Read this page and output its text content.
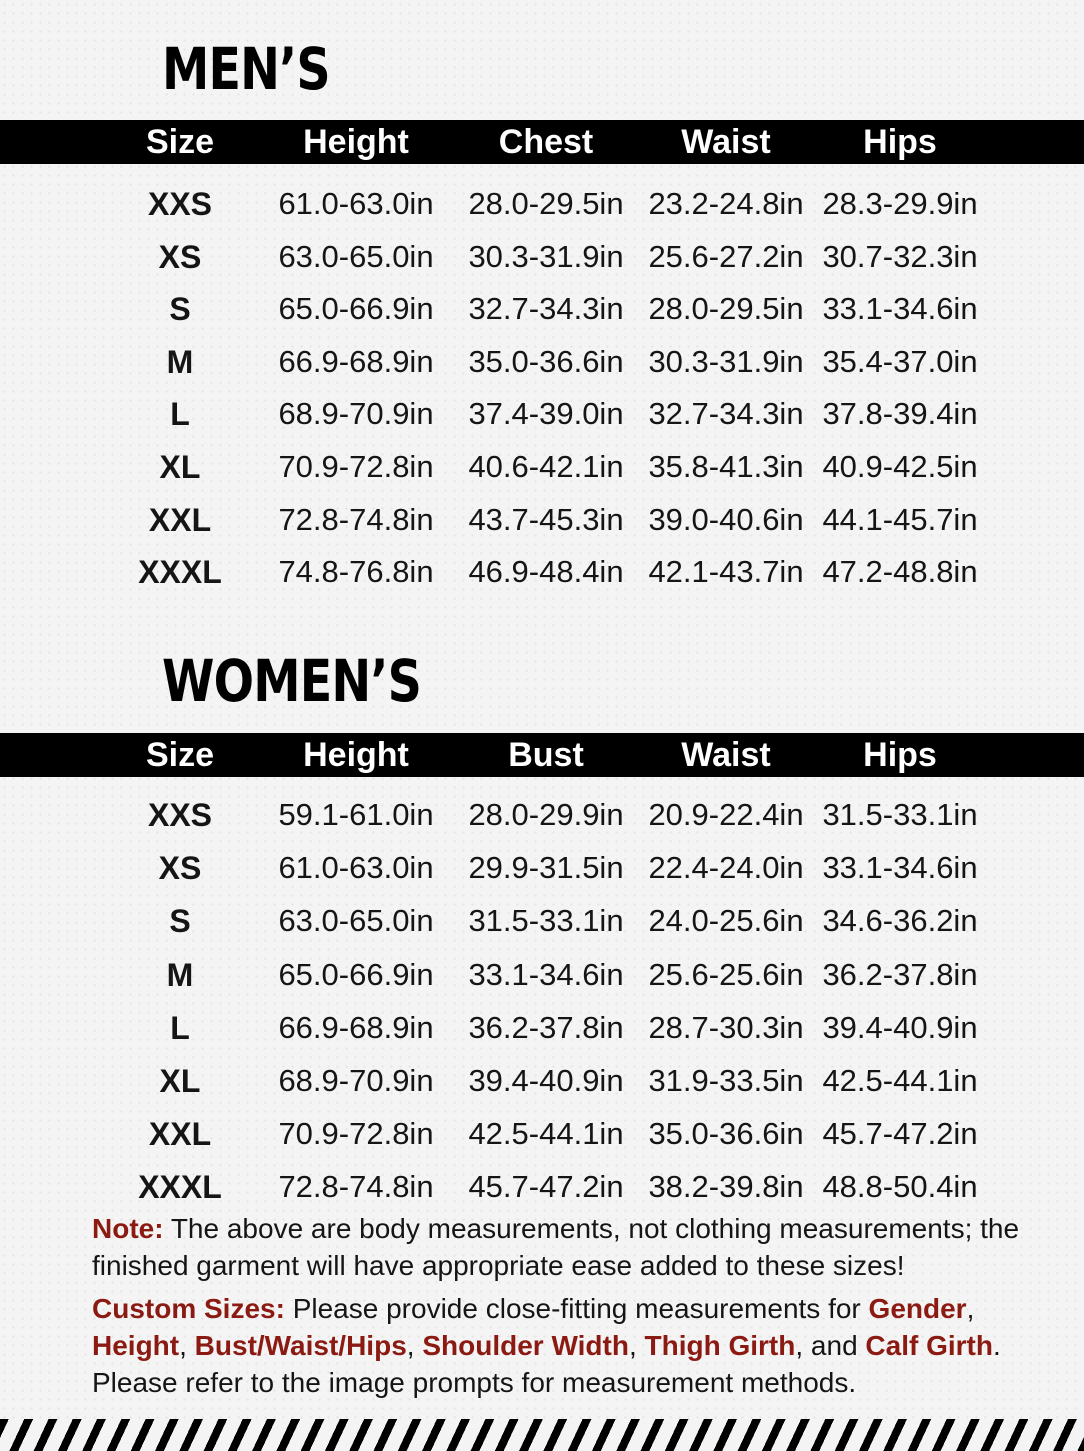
MEN’S
Size	Height	Chest	Waist	Hips
XXS	61.0-63.0in 28.0-29.5in 23.2-24.8in 28.3-29.9in
XS	63.0-65.0in 30.3-31.9in 25.6-27.2in 30.7-32.3in
S	65.0-66.9in 32.7-34.3in 28.0-29.5in 33.1-34.6in
M	66.9-68.9in 35.0-36.6in 30.3-31.9in 35.4-37.0in
L	68.9-70.9in 37.4-39.0in 32.7-34.3in 37.8-39.4in
XL	70.9-72.8in 40.6-42.1in 35.8-41.3in 40.9-42.5in
XXL	72.8-74.8in 43.7-45.3in 39.0-40.6in 44.1-45.7in
XXXL	74.8-76.8in 46.9-48.4in 42.1-43.7in 47.2-48.8in
WOMEN’S
Size	Height	Bust	Waist	Hips
XXS	59.1-61.0in 28.0-29.9in 20.9-22.4in 31.5-33.1in
XS	61.0-63.0in 29.9-31.5in 22.4-24.0in 33.1-34.6in
S	63.0-65.0in 31.5-33.1in 24.0-25.6in 34.6-36.2in
M	65.0-66.9in 33.1-34.6in 25.6-25.6in 36.2-37.8in
L	66.9-68.9in 36.2-37.8in 28.7-30.3in 39.4-40.9in
XL	68.9-70.9in 39.4-40.9in 31.9-33.5in 42.5-44.1in
XXL	70.9-72.8in 42.5-44.1in 35.0-36.6in 45.7-47.2in
XXXL	72.8-74.8in 45.7-47.2in 38.2-39.8in 48.8-50.4in

Note: The above are body measurements, not clothing measurements; the finished garment will have appropriate ease added to these sizes!

Custom Sizes: Please provide close-fitting measurements for Gender, Height, Bust/Waist/Hips, Shoulder Width, Thigh Girth, and Calf Girth. Please refer to the image prompts for measurement methods.
